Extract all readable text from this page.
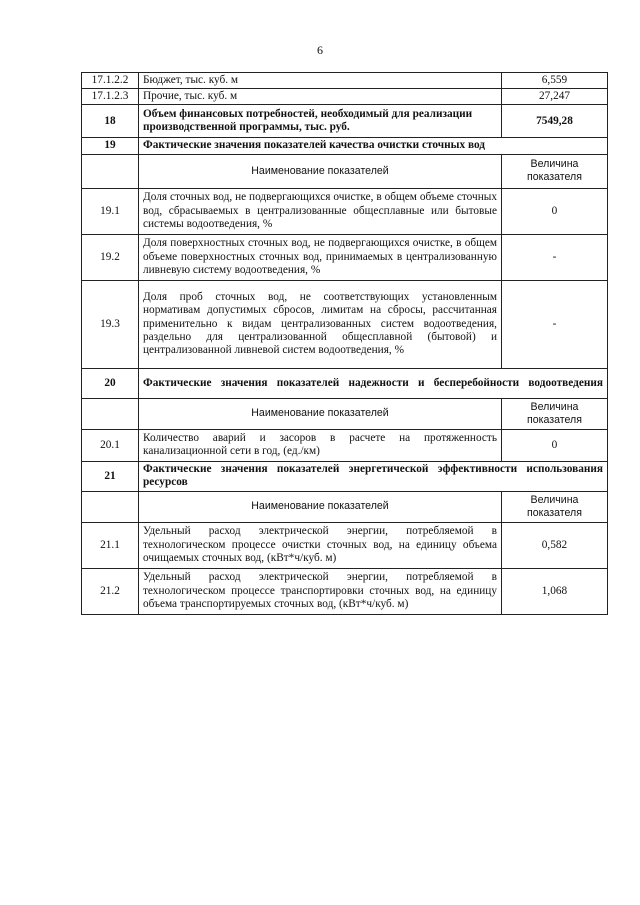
6
17.1.2.2	Бюджет, тыс. куб. м	6,559
17.1.2.3	Прочие, тыс. куб. м	27,247
18	Объем финансовых потребностей, необходимый для реализации производственной программы, тыс. руб.	7549,28
19	Фактические значения показателей качества очистки сточных вод	
	Наименование показателей	Величина показателя
19.1	Доля сточных вод, не подвергающихся очистке, в общем объеме сточных вод, сбрасываемых в централизованные общесплавные или бытовые системы водоотведения, %	0
19.2	Доля поверхностных сточных вод, не подвергающихся очистке, в общем объеме поверхностных сточных вод, принимаемых в централизованную ливневую систему водоотведения, %	-
19.3	Доля проб сточных вод, не соответствующих установленным нормативам допустимых сбросов, лимитам на сбросы, рассчитанная применительно к видам централизованных систем водоотведения, раздельно для централизованной общесплавной (бытовой) и централизованной ливневой систем водоотведения, %	-
20	Фактические значения показателей надежности и бесперебойности водоотведения	
	Наименование показателей	Величина показателя
20.1	Количество аварий и засоров в расчете на протяженность канализационной сети в год, (ед./км)	0
21	Фактические значения показателей энергетической эффективности использования ресурсов	
	Наименование показателей	Величина показателя
21.1	Удельный расход электрической энергии, потребляемой в технологическом процессе очистки сточных вод, на единицу объема очищаемых сточных вод, (кВт*ч/куб. м)	0,582
21.2	Удельный расход электрической энергии, потребляемой в технологическом процессе транспортировки сточных вод, на единицу объема транспортируемых сточных вод, (кВт*ч/куб. м)	1,068
